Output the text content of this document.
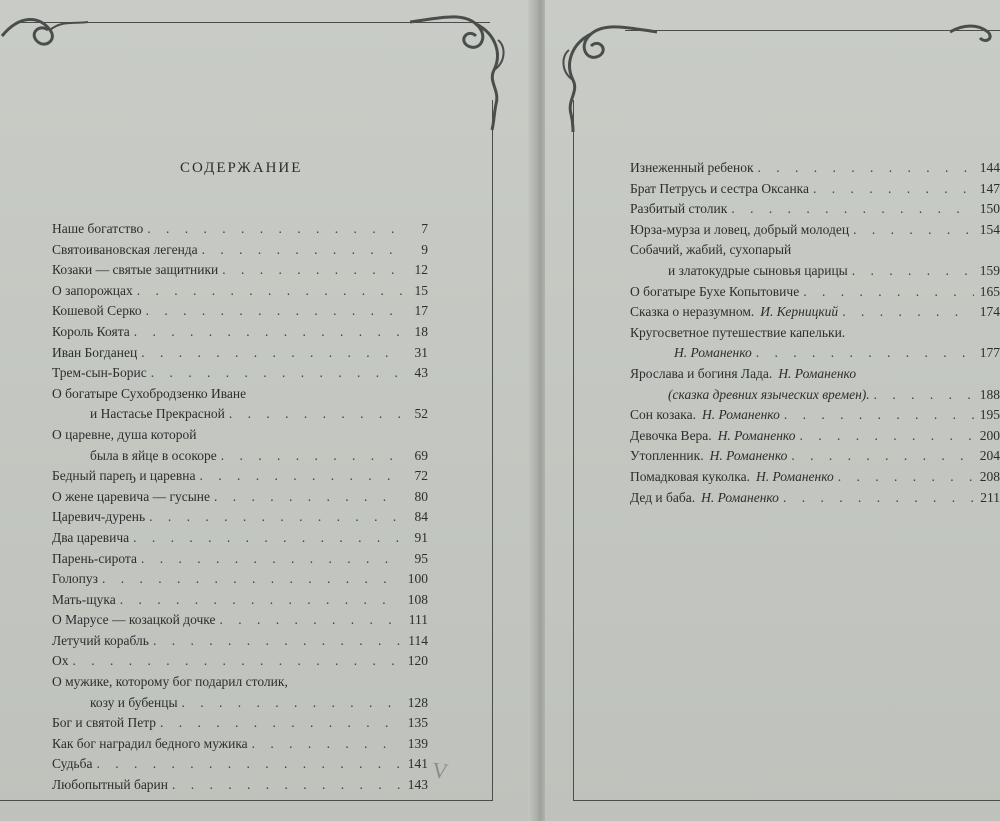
СОДЕРЖАНИЕ
Наше богатство . . .	7
Святоивановская легенда . . .	9
Козаки — святые защитники . . .	12
О запорожцах . . .	15
Кошевой Серко . . .	17
Король Коята . . .	18
Иван Богданец . . .	31
Трем-сын-Борис . . .	43
О богатыре Сухобродзенко Иване
и Настасье Прекрасной . . .	52
О царевне, душа которой
была в яйце в осокоре . . .	69
Бедный пареҧ и царевна . . .	72
О жене царевича — гусыне . . .	80
Царевич-дурень . . .	84
Два царевича . . .	91
Парень-сирота . . .	95
Голопуз . . .	100
Мать-щука . . .	108
О Марусе — козацкой дочке . . .	111
Летучий корабль . . .	114
Ох . . .	120
О мужике, которому бог подарил столик,
козу и бубенцы . . .	128
Бог и святой Петр . . .	135
Как бог наградил бедного мужика . . .	139
Судьба . . .	141
Любопытный барин . . .	143
V
Изнеженный ребенок . . .	144
Брат Петрусь и сестра Оксанка . . .	147
Разбитый столик . . .	150
Юрза-мурза и ловец, добрый молодец . . .	154
Собачий, жабий, сухопарый
и златокудрые сыновья царицы . . .	159
О богатыре Бухе Копытовиче . . .	165
Сказка о неразумном. И. Керницкий . . .	174
Кругосветное путешествие капельки.
Н. Романенко . . .	177
Ярослава и богиня Лада. Н. Романенко
(сказка древних языческих времен). . . .	188
Сон козака. Н. Романенко . . .	195
Девочка Вера. Н. Романенко . . .	200
Утопленник. Н. Романенко . . .	204
Помадковая куколка. Н. Романенко . . .	208
Дед и баба. Н. Романенко . . .	211
